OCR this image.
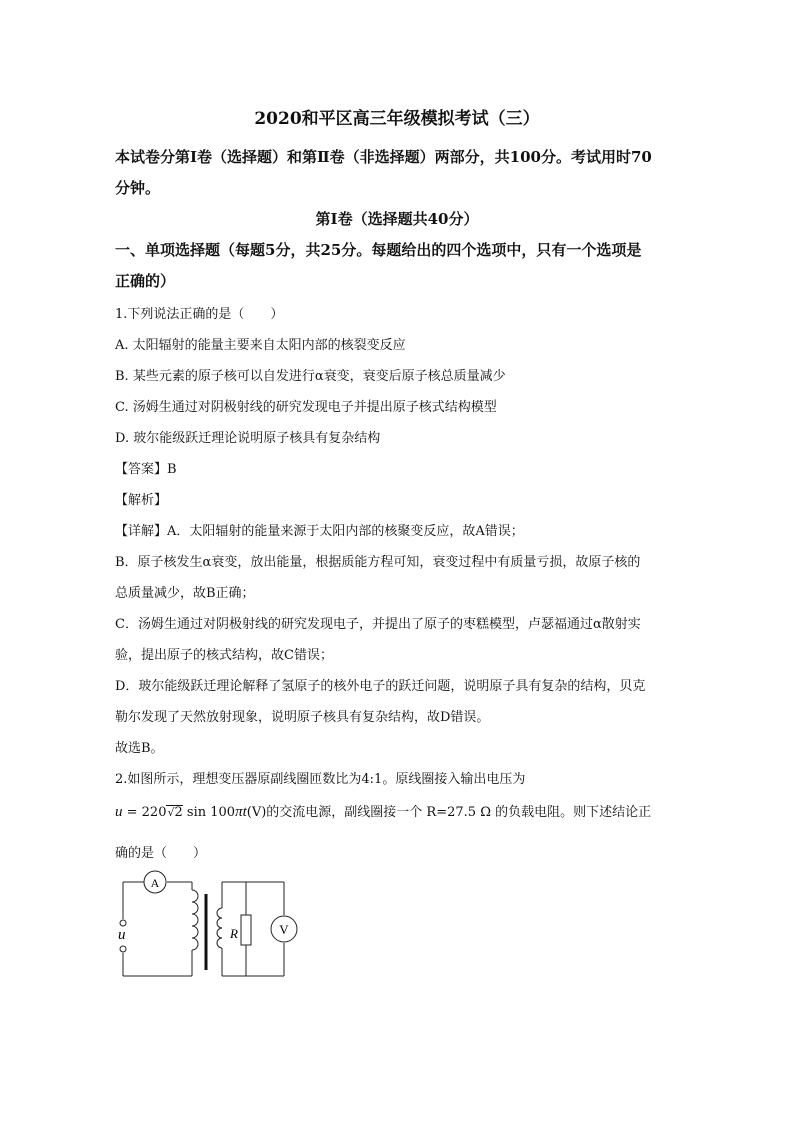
2020和平区高三年级模拟考试（三）
本试卷分第Ⅰ卷（选择题）和第Ⅱ卷（非选择题）两部分，共100分。考试用时70
分钟。
第Ⅰ卷（选择题共40分）
一、单项选择题（每题5分，共25分。每题给出的四个选项中，只有一个选项是
正确的）
1.下列说法正确的是（　　）
A. 太阳辐射的能量主要来自太阳内部的核裂变反应
B. 某些元素的原子核可以自发进行α衰变，衰变后原子核总质量减少
C. 汤姆生通过对阴极射线的研究发现电子并提出原子核式结构模型
D. 玻尔能级跃迁理论说明原子核具有复杂结构
【答案】B
【解析】
【详解】A．太阳辐射的能量来源于太阳内部的核聚变反应，故A错误；
B．原子核发生α衰变，放出能量，根据质能方程可知，衰变过程中有质量亏损，故原子核的
总质量减少，故B正确；
C．汤姆生通过对阴极射线的研究发现电子，并提出了原子的枣糕模型，卢瑟福通过α散射实
验，提出原子的核式结构，故C错误；
D．玻尔能级跃迁理论解释了氢原子的核外电子的跃迁问题，说明原子具有复杂的结构，贝克
勒尔发现了天然放射现象，说明原子核具有复杂结构，故D错误。
故选B。
2.如图所示，理想变压器原副线圈匝数比为4:1。原线圈接入输出电压为
u = 220√2 sin 100πt(V)的交流电源，副线圈接一个 R=27.5 Ω 的负载电阻。则下述结论正
确的是（　　）
A
V
R
u
